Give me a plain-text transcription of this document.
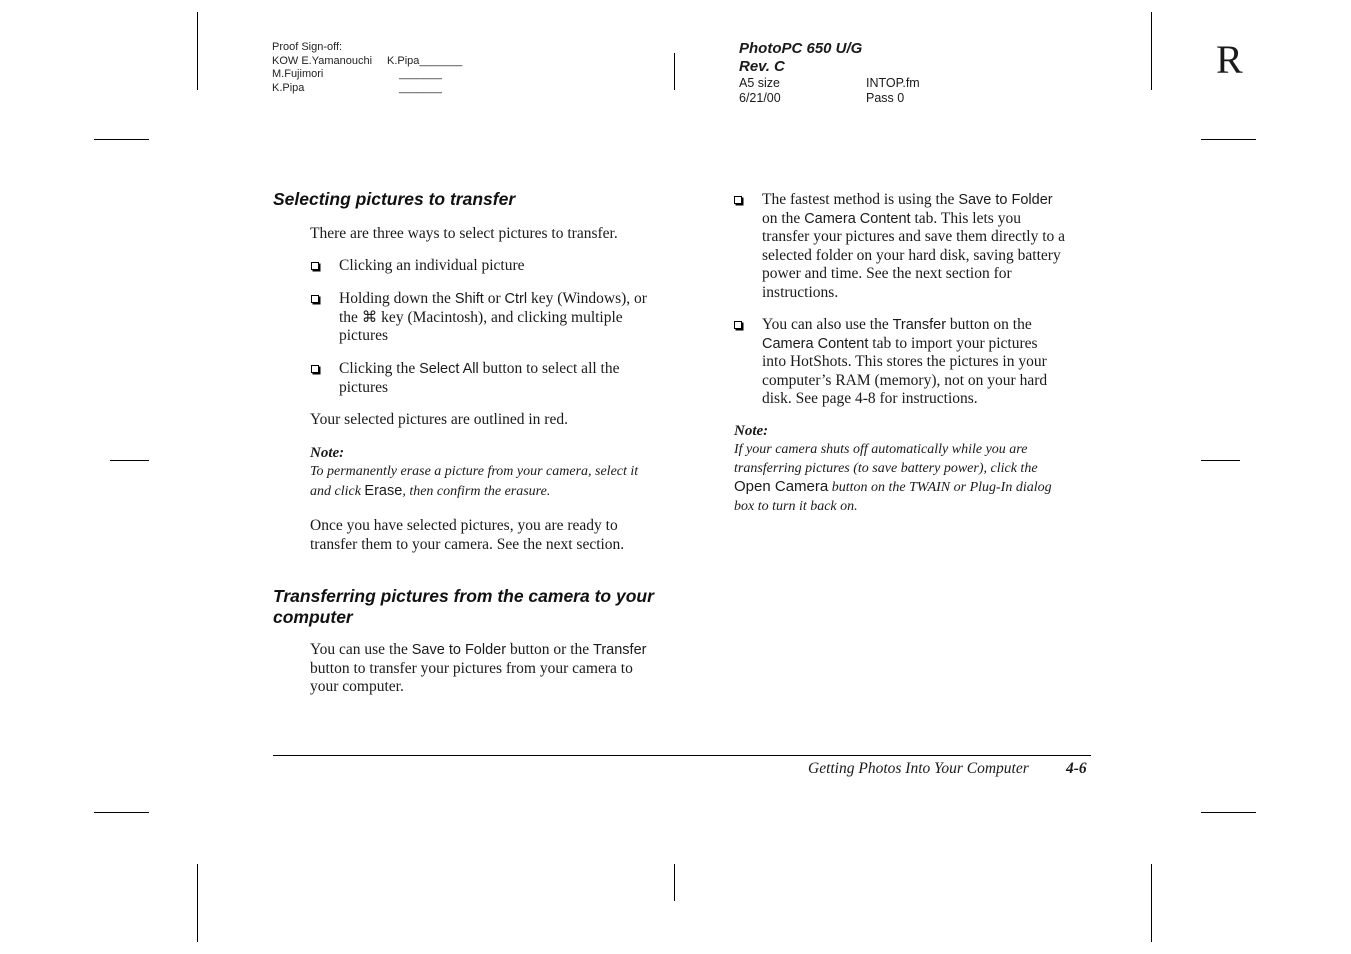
Proof Sign-off:
KOW E.Yamanouchi K.Pipa_______
M.Fujimori	_______
K.Pipa	_______
PhotoPC 650 U/G
Rev. C
A5 size	INTOP.fm
6/21/00	Pass 0
R
Selecting pictures to transfer
There are three ways to select pictures to transfer.
Clicking an individual picture
Holding down the Shift or Ctrl key (Windows), or
the ⌘ key (Macintosh), and clicking multiple
pictures
Clicking the Select All button to select all the
pictures
Your selected pictures are outlined in red.
Note:
To permanently erase a picture from your camera, select it
and click Erase, then confirm the erasure.
Once you have selected pictures, you are ready to
transfer them to your camera. See the next section.
Transferring pictures from the camera to your
computer
You can use the Save to Folder button or the Transfer
button to transfer your pictures from your camera to
your computer.
The fastest method is using the Save to Folder
on the Camera Content tab. This lets you
transfer your pictures and save them directly to a
selected folder on your hard disk, saving battery
power and time. See the next section for
instructions.
You can also use the Transfer button on the
Camera Content tab to import your pictures
into HotShots. This stores the pictures in your
computer’s RAM (memory), not on your hard
disk. See page 4-8 for instructions.
Note:
If your camera shuts off automatically while you are
transferring pictures (to save battery power), click the
Open Camera button on the TWAIN or Plug-In dialog
box to turn it back on.
Getting Photos Into Your Computer 4-6
